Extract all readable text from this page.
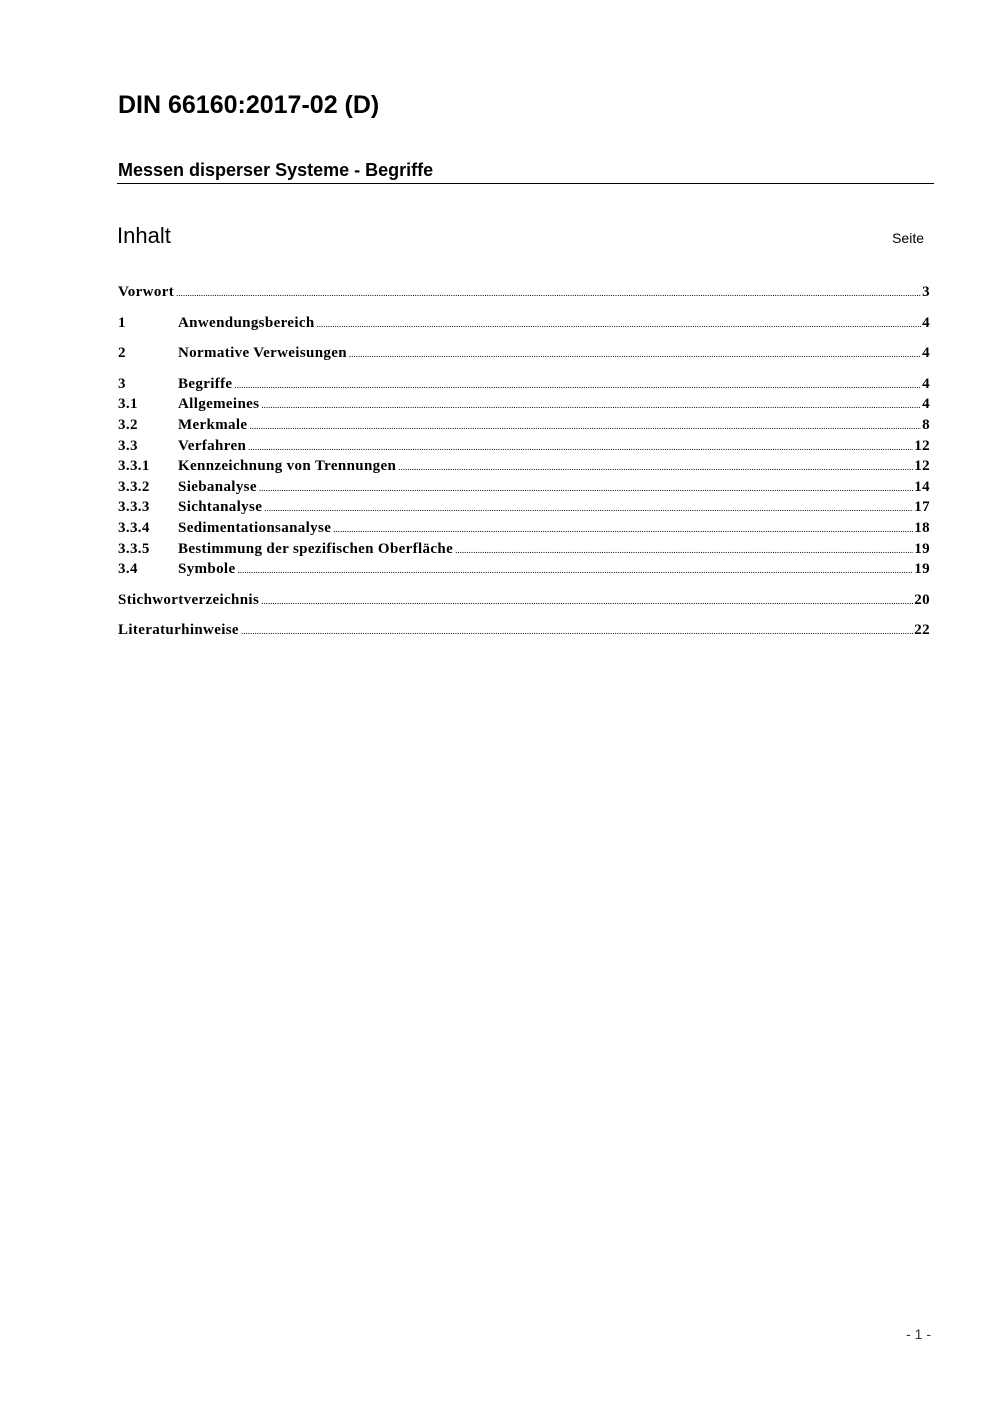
DIN 66160:2017-02 (D)
Messen disperser Systeme - Begriffe
Inhalt	Seite
Vorwort .....	3
1	Anwendungsbereich .....	4
2	Normative Verweisungen .....	4
3	Begriffe .....	4
3.1	Allgemeines .....	4
3.2	Merkmale .....	8
3.3	Verfahren .....	12
3.3.1	Kennzeichnung von Trennungen .....	12
3.3.2	Siebanalyse .....	14
3.3.3	Sichtanalyse .....	17
3.3.4	Sedimentationsanalyse .....	18
3.3.5	Bestimmung der spezifischen Oberfläche .....	19
3.4	Symbole .....	19
Stichwortverzeichnis .....	20
Literaturhinweise .....	22
- 1 -
